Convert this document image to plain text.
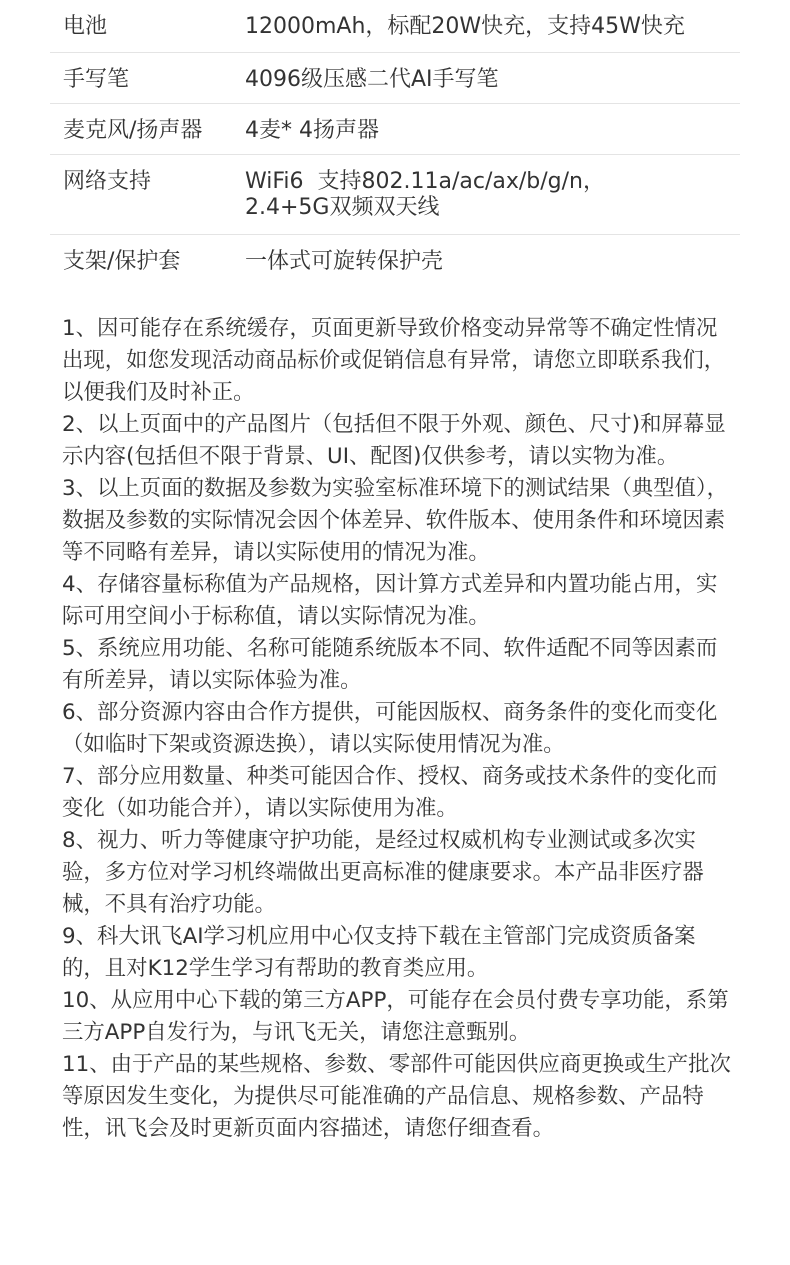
电池	12000mAh，标配20W快充，支持45W快充
手写笔	4096级压感二代AI手写笔
麦克风/扬声器	4麦* 4扬声器
网络支持	WiFi6  支持802.11a/ac/ax/b/g/n，
2.4+5G双频双天线
支架/保护套	一体式可旋转保护壳

1、因可能存在系统缓存，页面更新导致价格变动异常等不确定性情况出现，如您发现活动商品标价或促销信息有异常，请您立即联系我们，以便我们及时补正。

2、以上页面中的产品图片（包括但不限于外观、颜色、尺寸)和屏幕显示内容(包括但不限于背景、UI、配图)仅供参考，请以实物为准。

3、以上页面的数据及参数为实验室标准环境下的测试结果（典型值），数据及参数的实际情况会因个体差异、软件版本、使用条件和环境因素等不同略有差异，请以实际使用的情况为准。

4、存储容量标称值为产品规格，因计算方式差异和内置功能占用，实际可用空间小于标称值，请以实际情况为准。

5、系统应用功能、名称可能随系统版本不同、软件适配不同等因素而有所差异，请以实际体验为准。

6、部分资源内容由合作方提供，可能因版权、商务条件的变化而变化（如临时下架或资源迭换），请以实际使用情况为准。

7、部分应用数量、种类可能因合作、授权、商务或技术条件的变化而变化（如功能合并），请以实际使用为准。

8、视力、听力等健康守护功能，是经过权威机构专业测试或多次实验，多方位对学习机终端做出更高标准的健康要求。本产品非医疗器械，不具有治疗功能。

9、科大讯飞AI学习机应用中心仅支持下载在主管部门完成资质备案的，且对K12学生学习有帮助的教育类应用。

10、从应用中心下载的第三方APP，可能存在会员付费专享功能，系第三方APP自发行为，与讯飞无关，请您注意甄别。

11、由于产品的某些规格、参数、零部件可能因供应商更换或生产批次等原因发生变化，为提供尽可能准确的产品信息、规格参数、产品特性，讯飞会及时更新页面内容描述，请您仔细查看。
